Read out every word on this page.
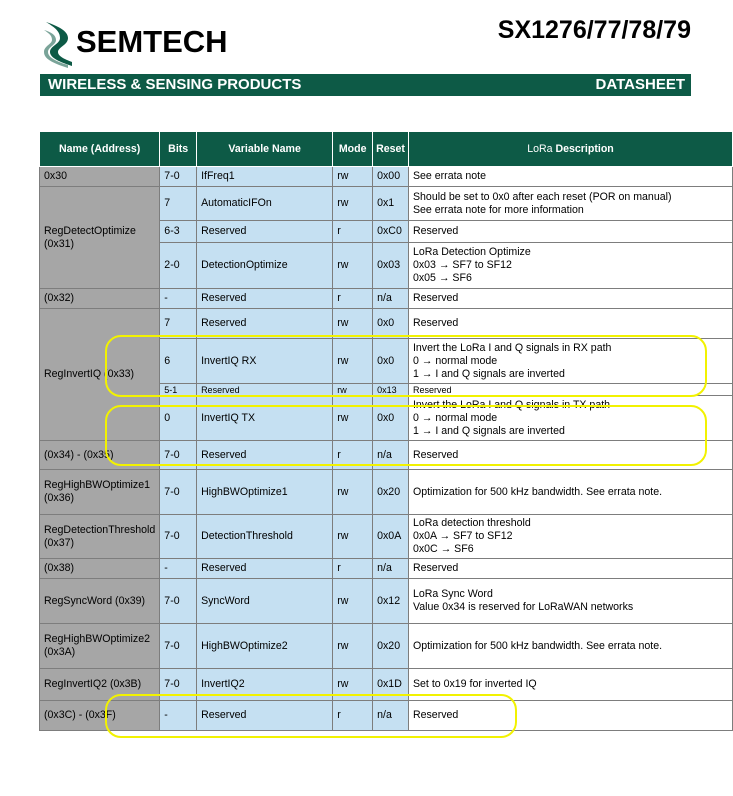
SEMTECH	SX1276/77/78/79
WIRELESS & SENSING PRODUCTS	DATASHEET
Name (Address)	Bits	Variable Name	Mode	Reset	LoRa Description
0x30	7-0	IfFreq1	rw	0x00	See errata note

RegDetectOptimize (0x31)	7	AutomaticIFOn	rw	0x1	Should be set to 0x0 after each reset (POR on manual)
See errata note for more information

	6-3	Reserved	r	0xC0	Reserved

	2-0	DetectionOptimize	rw	0x03	LoRa Detection Optimize
0x03 → SF7 to SF12
0x05 → SF6

(0x32)	-	Reserved	r	n/a	Reserved

RegInvertIQ (0x33)	7	Reserved	rw	0x0	Reserved

	6	InvertIQ RX	rw	0x0	Invert the LoRa I and Q signals in RX path
0 → normal mode
1 → I and Q signals are inverted

	5-1	Reserved	rw	0x13	Reserved

	0	InvertIQ TX	rw	0x0	Invert the LoRa I and Q signals in TX path
0 → normal mode
1 → I and Q signals are inverted

(0x34) - (0x35)	7-0	Reserved	r	n/a	Reserved

RegHighBWOptimize1 (0x36)	7-0	HighBWOptimize1	rw	0x20	Optimization for 500 kHz bandwidth. See errata note.

RegDetectionThreshold (0x37)	7-0	DetectionThreshold	rw	0x0A	LoRa detection threshold
0x0A → SF7 to SF12
0x0C → SF6

(0x38)	-	Reserved	r	n/a	Reserved

RegSyncWord (0x39)	7-0	SyncWord	rw	0x12	LoRa Sync Word
Value 0x34 is reserved for LoRaWAN networks

RegHighBWOptimize2 (0x3A)	7-0	HighBWOptimize2	rw	0x20	Optimization for 500 kHz bandwidth. See errata note.

RegInvertIQ2 (0x3B)	7-0	InvertIQ2	rw	0x1D	Set to 0x19 for inverted IQ

(0x3C) - (0x3F)	-	Reserved	r	n/a	Reserved
